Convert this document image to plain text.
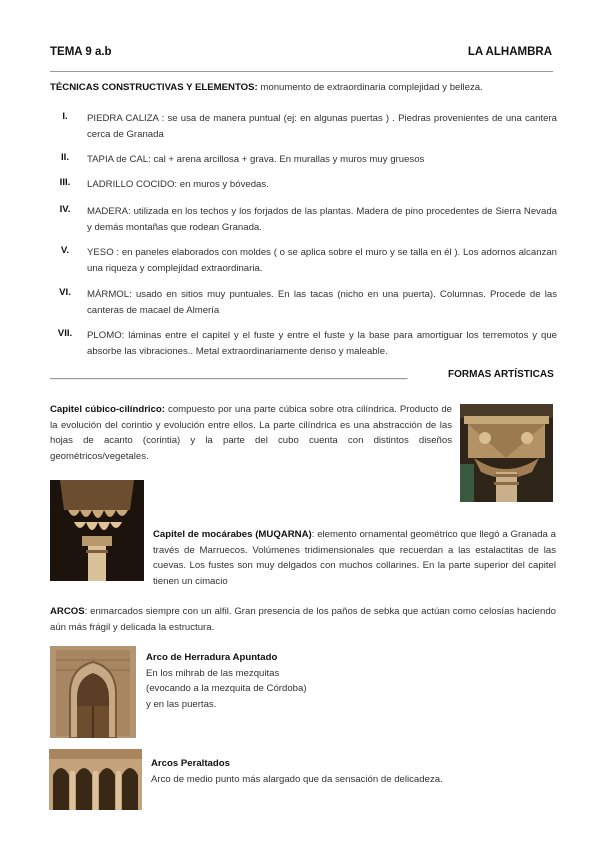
TEMA 9 a.b	LA ALHAMBRA
TÉCNICAS CONSTRUCTIVAS Y ELEMENTOS: monumento de extraordinaria complejidad y belleza.
I.	PIEDRA CALIZA : se usa de manera puntual (ej: en algunas puertas ) . Piedras provenientes de una cantera cerca de Granada
II.	TAPIA de CAL: cal + arena arcillosa + grava. En murallas y muros muy gruesos
III.	LADRILLO COCIDO: en muros y bóvedas.
IV.	MADERA: utilizada en los techos y los forjados de las plantas. Madera de pino procedentes de Sierra Nevada y demás montañas que rodean Granada.
V.	YESO : en paneles elaborados con moldes ( o se aplica sobre el muro y se talla en él ). Los adornos alcanzan una riqueza y complejidad extraordinaria.
VI.	MÁRMOL: usado en sitios muy puntuales. En las tacas (nicho en una puerta). Columnas. Procede de las canteras de macael de Almería
VII.	PLOMO: láminas entre el capitel y el fuste y entre el fuste y la base para amortiguar los terremotos y que absorbe las vibraciones.. Metal extraordinariamente denso y maleable.
___________________________________________________________________	FORMAS ARTÍSTICAS
Capitel cúbico-cilíndrico: compuesto por una parte cúbica sobre otra cilíndrica. Producto de la evolución del corintio y evolución entre ellos. La parte cilíndrica es una abstracción de las hojas de acanto (corintia) y la parte del cubo cuenta con distintos diseños geométricos/vegetales.
Capitel de mocárabes (MUQARNA): elemento ornamental geométrico que llegó a Granada a través de Marruecos. Volúmenes tridimensionales que recuerdan a las estalactitas de las cuevas. Los fustes son muy delgados con muchos collarines. En la parte superior del capitel tienen un cimacio
ARCOS: enmarcados siempre con un alfil. Gran presencia de los paños de sebka que actúan como celosías haciendo aún más frágil y delicada la estructura.
Arco de Herradura Apuntado
En los mihrab de las mezquitas
(evocando a la mezquita de Córdoba)
y en las puertas.
Arcos Peraltados
Arco de medio punto más alargado que da sensación de delicadeza.
